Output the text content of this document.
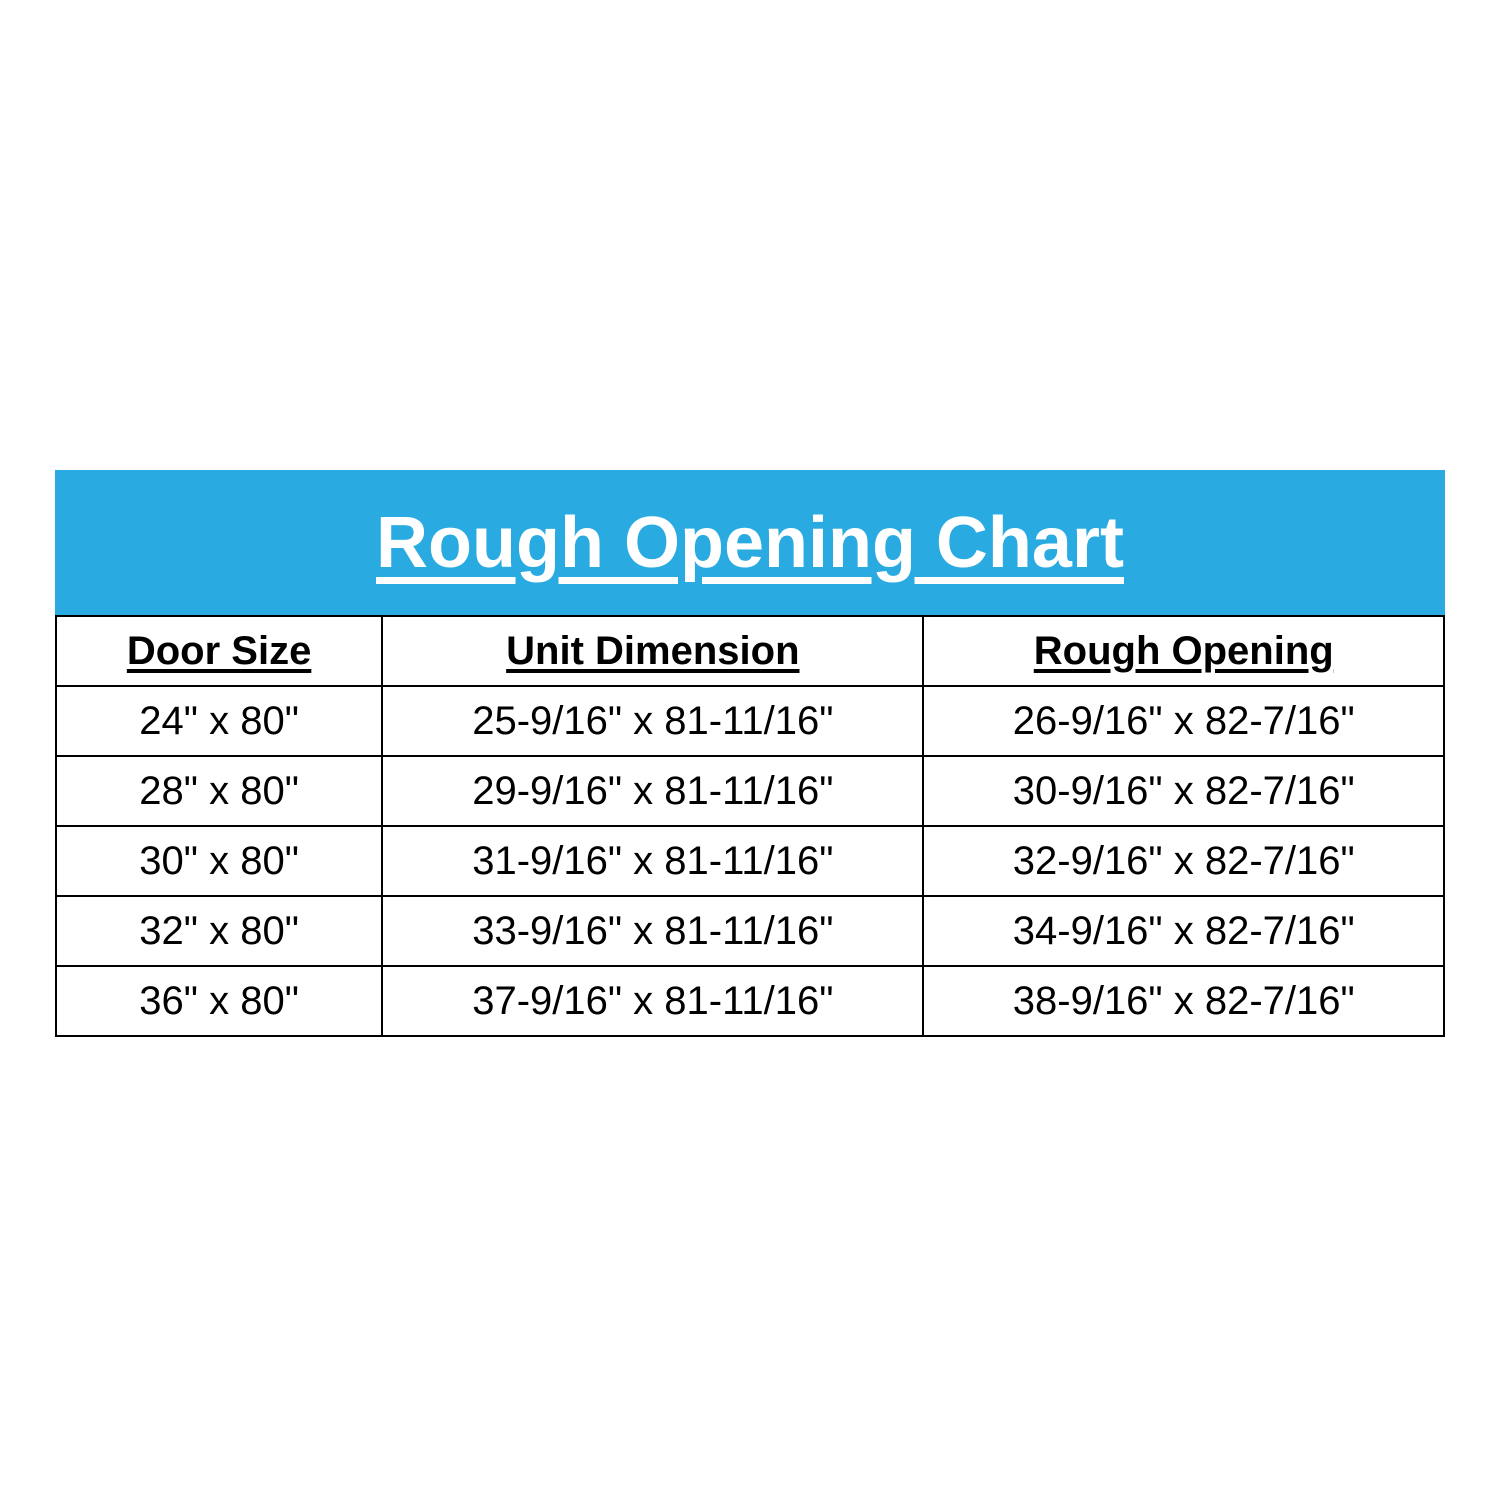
Rough Opening Chart
Door Size	Unit Dimension	Rough Opening
24" x 80"	25-9/16" x 81-11/16"	26-9/16" x 82-7/16"
28" x 80"	29-9/16" x 81-11/16"	30-9/16" x 82-7/16"
30" x 80"	31-9/16" x 81-11/16"	32-9/16" x 82-7/16"
32" x 80"	33-9/16" x 81-11/16"	34-9/16" x 82-7/16"
36" x 80"	37-9/16" x 81-11/16"	38-9/16" x 82-7/16"
